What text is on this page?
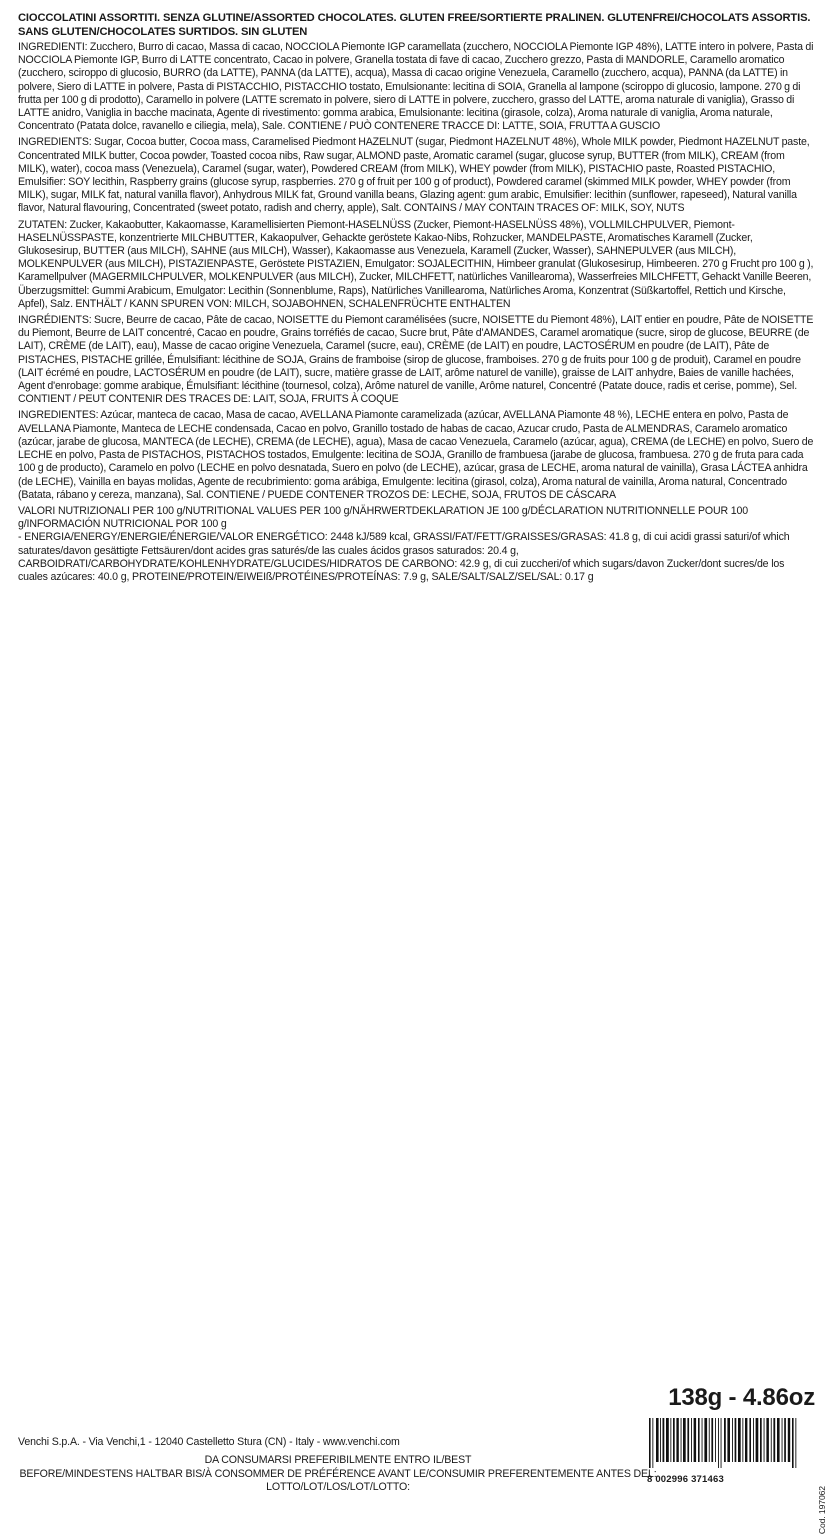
CIOCCOLATINI ASSORTITI. SENZA GLUTINE/ASSORTED CHOCOLATES. GLUTEN FREE/SORTIERTE PRALINEN. GLUTENFREI/CHOCOLATS ASSORTIS. SANS GLUTEN/CHOCOLATES SURTIDOS. SIN GLUTEN

INGREDIENTI: Zucchero, Burro di cacao, Massa di cacao, NOCCIOLA Piemonte IGP caramellata (zucchero, NOCCIOLA Piemonte IGP 48%), LATTE intero in polvere, Pasta di NOCCIOLA Piemonte IGP, Burro di LATTE concentrato, Cacao in polvere, Granella tostata di fave di cacao, Zucchero grezzo, Pasta di MANDORLE, Caramello aromatico (zucchero, sciroppo di glucosio, BURRO (da LATTE), PANNA (da LATTE), acqua), Massa di cacao origine Venezuela, Caramello (zucchero, acqua), PANNA (da LATTE) in polvere, Siero di LATTE in polvere, Pasta di PISTACCHIO, PISTACCHIO tostato, Emulsionante: lecitina di SOIA, Granella al lampone (sciroppo di glucosio, lampone. 270 g di frutta per 100 g di prodotto), Caramello in polvere (LATTE scremato in polvere, siero di LATTE in polvere, zucchero, grasso del LATTE, aroma naturale di vaniglia), Grasso di LATTE anidro, Vaniglia in bacche macinata, Agente di rivestimento: gomma arabica, Emulsionante: lecitina (girasole, colza), Aroma naturale di vaniglia, Aroma naturale, Concentrato (Patata dolce, ravanello e ciliegia, mela), Sale. CONTIENE / PUÒ CONTENERE TRACCE DI: LATTE, SOIA, FRUTTA A GUSCIO

INGREDIENTS: Sugar, Cocoa butter, Cocoa mass, Caramelised Piedmont HAZELNUT (sugar, Piedmont HAZELNUT 48%), Whole MILK powder, Piedmont HAZELNUT paste, Concentrated MILK butter, Cocoa powder, Toasted cocoa nibs, Raw sugar, ALMOND paste, Aromatic caramel (sugar, glucose syrup, BUTTER (from MILK), CREAM (from MILK), water), cocoa mass (Venezuela), Caramel (sugar, water), Powdered CREAM (from MILK), WHEY powder (from MILK), PISTACHIO paste, Roasted PISTACHIO, Emulsifier: SOY lecithin, Raspberry grains (glucose syrup, raspberries. 270 g of fruit per 100 g of product), Powdered caramel (skimmed MILK powder, WHEY powder (from MILK), sugar, MILK fat, natural vanilla flavor), Anhydrous MILK fat, Ground vanilla beans, Glazing agent: gum arabic, Emulsifier: lecithin (sunflower, rapeseed), Natural vanilla flavor, Natural flavouring, Concentrated (sweet potato, radish and cherry, apple), Salt. CONTAINS / MAY CONTAIN TRACES OF: MILK, SOY, NUTS

ZUTATEN: Zucker, Kakaobutter, Kakaomasse, Karamellisierten Piemont-HASELNÜSS (Zucker, Piemont-HASELNÜSS 48%), VOLLMILCHPULVER, Piemont-HASELNÜSSPASTE, konzentrierte MILCHBUTTER, Kakaopulver, Gehackte geröstete Kakao-Nibs, Rohzucker, MANDELPASTE, Aromatisches Karamell (Zucker, Glukosesirup, BUTTER (aus MILCH), SAHNE (aus MILCH), Wasser), Kakaomasse aus Venezuela, Karamell (Zucker, Wasser), SAHNEPULVER (aus MILCH), MOLKENPULVER (aus MILCH), PISTAZIENPASTE, Geröstete PISTAZIEN, Emulgator: SOJALECITHIN, Himbeer granulat (Glukosesirup, Himbeeren. 270 g Frucht pro 100 g ), Karamellpulver (MAGERMILCHPULVER, MOLKENPULVER (aus MILCH), Zucker, MILCHFETT, natürliches Vanillearoma), Wasserfreies MILCHFETT, Gehackt Vanille Beeren, Überzugsmittel: Gummi Arabicum, Emulgator: Lecithin (Sonnenblume, Raps), Natürliches Vanillearoma, Natürliches Aroma, Konzentrat (Süßkartoffel, Rettich und Kirsche, Apfel), Salz. ENTHÄLT / KANN SPUREN VON: MILCH, SOJABOHNEN, SCHALENFRÜCHTE ENTHALTEN

INGRÉDIENTS: Sucre, Beurre de cacao, Pâte de cacao, NOISETTE du Piemont caramélisées (sucre, NOISETTE du Piemont 48%), LAIT entier en poudre, Pâte de NOISETTE du Piemont, Beurre de LAIT concentré, Cacao en poudre, Grains torréfiés de cacao, Sucre brut, Pâte d'AMANDES, Caramel aromatique (sucre, sirop de glucose, BEURRE (de LAIT), CRÈME (de LAIT), eau), Masse de cacao origine Venezuela, Caramel (sucre, eau), CRÈME (de LAIT) en poudre, LACTOSÉRUM en poudre (de LAIT), Pâte de PISTACHES, PISTACHE grillée, Émulsifiant: lécithine de SOJA, Grains de framboise (sirop de glucose, framboises. 270 g de fruits pour 100 g de produit), Caramel en poudre (LAIT écrémé en poudre, LACTOSÉRUM en poudre (de LAIT), sucre, matière grasse de LAIT, arôme naturel de vanille), graisse de LAIT anhydre, Baies de vanille hachées, Agent d'enrobage: gomme arabique, Émulsifiant: lécithine (tournesol, colza), Arôme naturel de vanille, Arôme naturel, Concentré (Patate douce, radis et cerise, pomme), Sel. CONTIENT / PEUT CONTENIR DES TRACES DE: LAIT, SOJA, FRUITS À COQUE

INGREDIENTES: Azúcar, manteca de cacao, Masa de cacao, AVELLANA Piamonte caramelizada (azúcar, AVELLANA Piamonte 48 %), LECHE entera en polvo, Pasta de AVELLANA Piamonte, Manteca de LECHE condensada, Cacao en polvo, Granillo tostado de habas de cacao, Azucar crudo, Pasta de ALMENDRAS, Caramelo aromatico (azúcar, jarabe de glucosa, MANTECA (de LECHE), CREMA (de LECHE), agua), Masa de cacao Venezuela, Caramelo (azúcar, agua), CREMA (de LECHE) en polvo, Suero de LECHE en polvo, Pasta de PISTACHOS, PISTACHOS tostados, Emulgente: lecitina de SOJA, Granillo de frambuesa (jarabe de glucosa, frambuesa. 270 g de fruta para cada 100 g de producto), Caramelo en polvo (LECHE en polvo desnatada, Suero en polvo (de LECHE), azúcar, grasa de LECHE, aroma natural de vainilla), Grasa LÁCTEA anhidra (de LECHE), Vainilla en bayas molidas, Agente de recubrimiento: goma arábiga, Emulgente: lecitina (girasol, colza), Aroma natural de vainilla, Aroma natural, Concentrado (Batata, rábano y cereza, manzana), Sal. CONTIENE / PUEDE CONTENER TROZOS DE: LECHE, SOJA, FRUTOS DE CÁSCARA

VALORI NUTRIZIONALI PER 100 g/NUTRITIONAL VALUES PER 100 g/NÄHRWERTDEKLARATION JE 100 g/DÉCLARATION NUTRITIONNELLE POUR 100 g/INFORMACIÓN NUTRICIONAL POR 100 g

- ENERGIA/ENERGY/ENERGIE/ÉNERGIE/VALOR ENERGÉTICO: 2448 kJ/589 kcal, GRASSI/FAT/FETT/GRAISSES/GRASAS: 41.8 g, di cui acidi grassi saturi/of which saturates/davon gesättigte Fettsäuren/dont acides gras saturés/de las cuales ácidos grasos saturados: 20.4 g,

CARBOIDRATI/CARBOHYDRATE/KOHLENHYDRATE/GLUCIDES/HIDRATOS DE CARBONO: 42.9 g, di cui zuccheri/of which sugars/davon Zucker/dont sucres/de los cuales azúcares: 40.0 g, PROTEINE/PROTEIN/EIWEIß/PROTÉINES/PROTEÍNAS: 7.9 g, SALE/SALT/SALZ/SEL/SAL: 0.17 g

Venchi S.p.A. - Via Venchi,1 - 12040 Castelletto Stura (CN) - Italy - www.venchi.com
DA CONSUMARSI PREFERIBILMENTE ENTRO IL/BEST
BEFORE/MINDESTENS HALTBAR BIS/À CONSOMMER DE PRÉFÉRENCE AVANT LE/CONSUMIR PREFERENTEMENTE ANTES DEL:
LOTTO/LOT/LOS/LOT/LOTTO:
138g - 4.86oz
8 002996 371463
Cod. 197062
